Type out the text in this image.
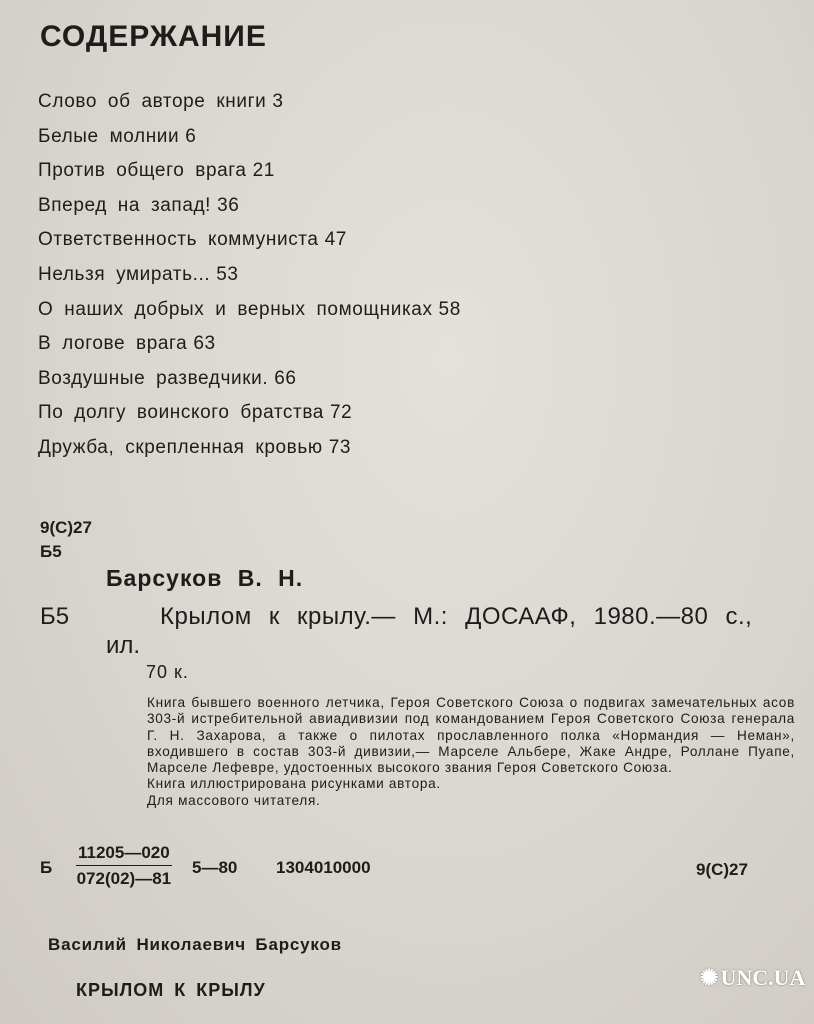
СОДЕРЖАНИЕ
Слово об авторе книги 3
Белые молнии 6
Против общего врага 21
Вперед на запад! 36
Ответственность коммуниста 47
Нельзя умирать... 53
О наших добрых и верных помощниках 58
В логове врага 63
Воздушные разведчики. 66
По долгу воинского братства 72
Дружба, скрепленная кровью 73
9(С)27
Б5
Барсуков В. Н.
Б5	Крылом к крылу.— М.: ДОСААФ, 1980.—80 с.,
ил.
70 к.

Книга бывшего военного летчика, Героя Советского Союза о подвигах замечательных асов 303-й истребительной авиадивизии под командованием Героя Советского Союза генерала Г. Н. Захарова, а также о пилотах прославленного полка «Нормандия — Неман», входившего в состав 303-й дивизии,— Марселе Альбере, Жаке Андре, Роллане Пуапе, Марселе Лефевре, удостоенных высокого звания Героя Советского Союза.

Книга иллюстрирована рисунками автора.

Для массового читателя.

Б $\frac{11205—020}{072(02)—81}$ 5—80 1304010000	9(С)27
Василий Николаевич Барсуков
КРЫЛОМ К КРЫЛУ	✺UNC.UA
